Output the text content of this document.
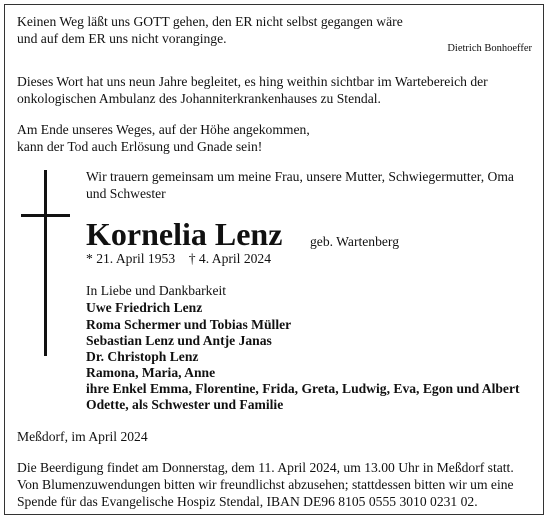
Keinen Weg läßt uns GOTT gehen, den ER nicht selbst gegangen wäre

und auf dem ER uns nicht voranginge.

Dietrich Bonhoeffer

Dieses Wort hat uns neun Jahre begleitet, es hing weithin sichtbar im Wartebereich der

onkologischen Ambulanz des Johanniterkrankenhauses zu Stendal.

Am Ende unseres Weges, auf der Höhe angekommen,

kann der Tod auch Erlösung und Gnade sein!

Wir trauern gemeinsam um meine Frau, unsere Mutter, Schwiegermutter, Oma

und Schwester

Kornelia Lenz geb. Wartenberg

* 21. April 1953    † 4. April 2024

In Liebe und Dankbarkeit

Uwe Friedrich Lenz

Roma Schermer und Tobias Müller

Sebastian Lenz und Antje Janas

Dr. Christoph Lenz

Ramona, Maria, Anne

ihre Enkel Emma, Florentine, Frida, Greta, Ludwig, Eva, Egon und Albert

Odette, als Schwester und Familie

Meßdorf, im April 2024

Die Beerdigung findet am Donnerstag, dem 11. April 2024, um 13.00 Uhr in Meßdorf statt.

Von Blumenzuwendungen bitten wir freundlichst abzusehen; stattdessen bitten wir um eine

Spende für das Evangelische Hospiz Stendal, IBAN DE96 8105 0555 3010 0231 02.
